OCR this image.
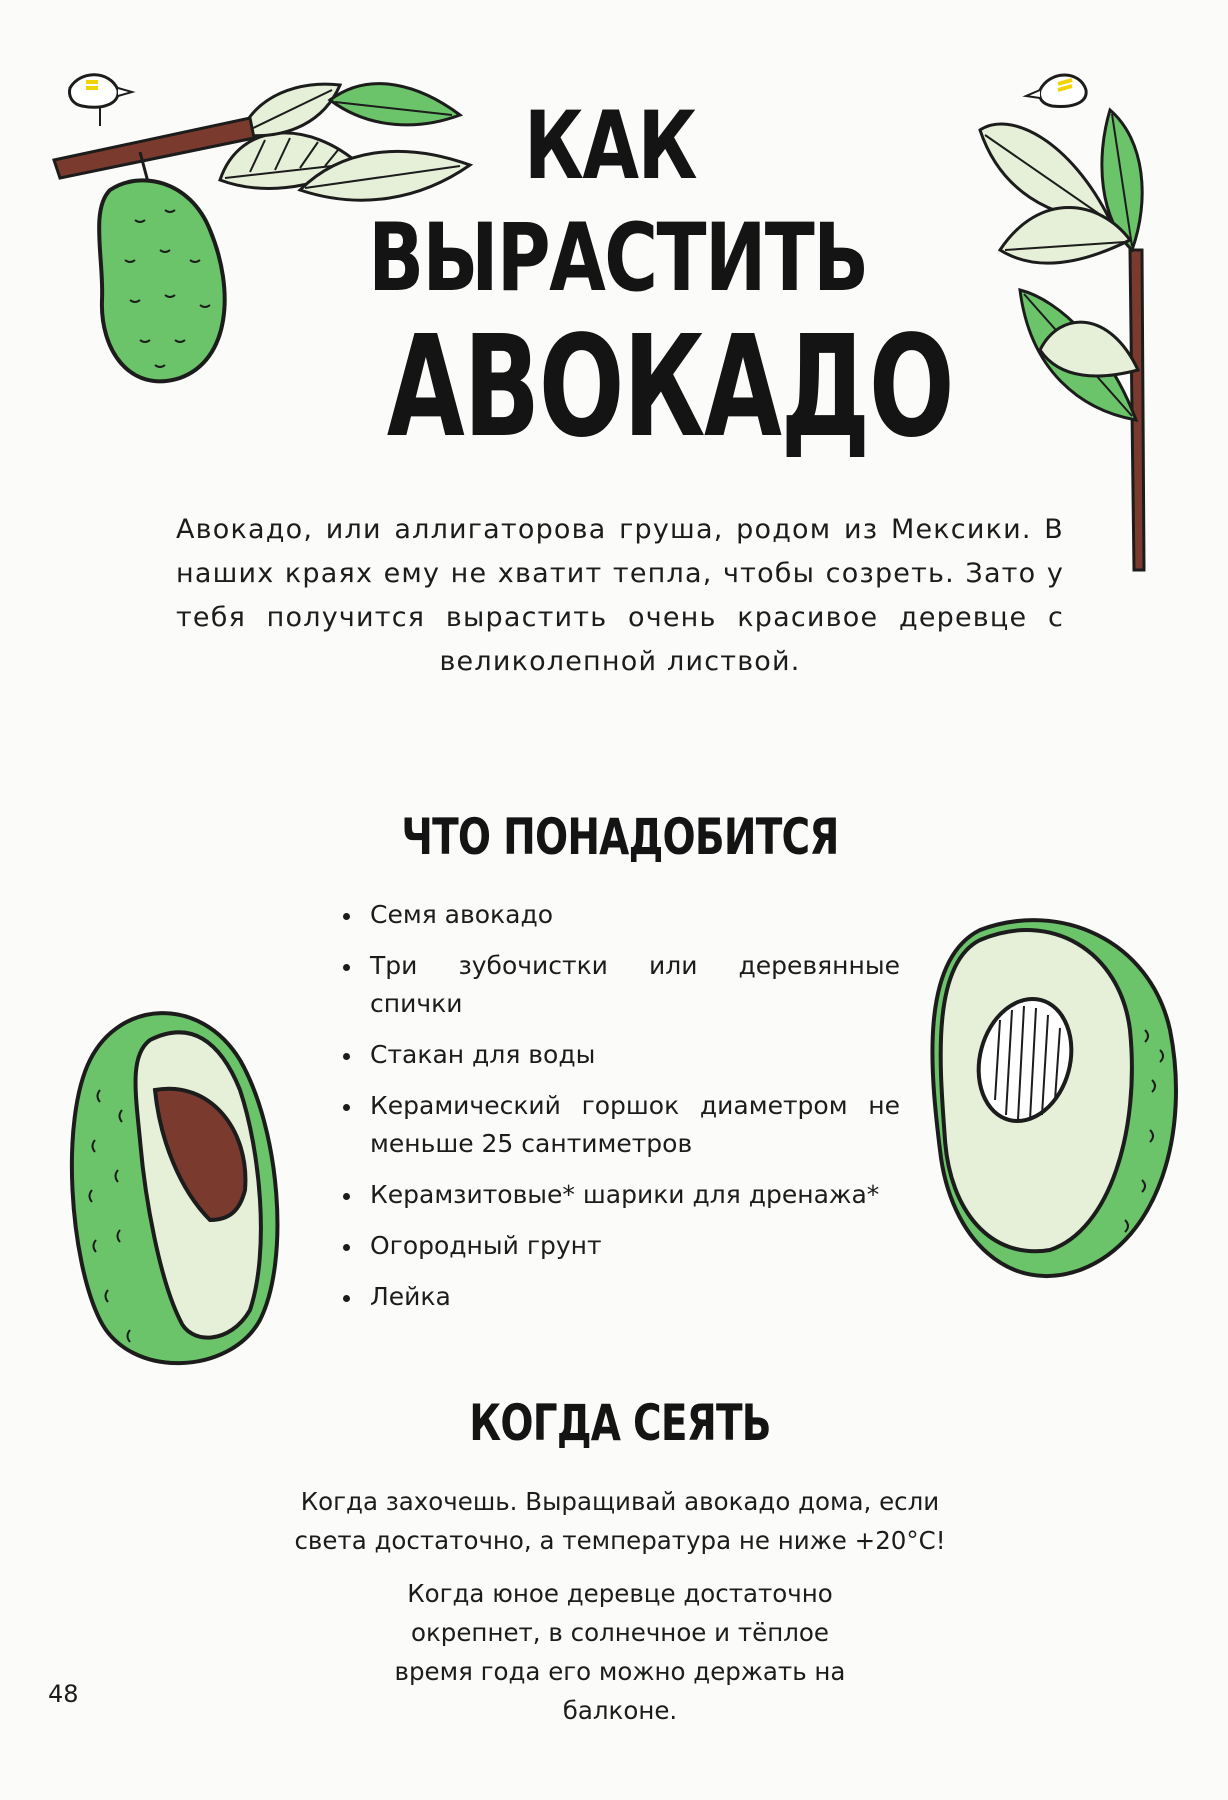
КАК
ВЫРАСТИТЬ
АВОКАДО

Авокадо, или аллигаторова груша, родом из Мексики. В наших краях ему не хватит тепла, чтобы созреть. Зато у тебя получится вырастить очень красивое деревце с великолепной листвой.

ЧТО ПОНАДОБИТСЯ
Семя авокадо
Три зубочистки или деревянные спички
Стакан для воды
Керамический горшок диаметром не меньше 25 сантиметров
Керамзитовые* шарики для дренажа*
Огородный грунт
Лейка
КОГДА СЕЯТЬ

Когда захочешь. Выращивай авокадо дома, если света достаточно, а температура не ниже +20°C!

Когда юное деревце достаточно окрепнет, в солнечное и тёплое время года его можно держать на балконе.

48
